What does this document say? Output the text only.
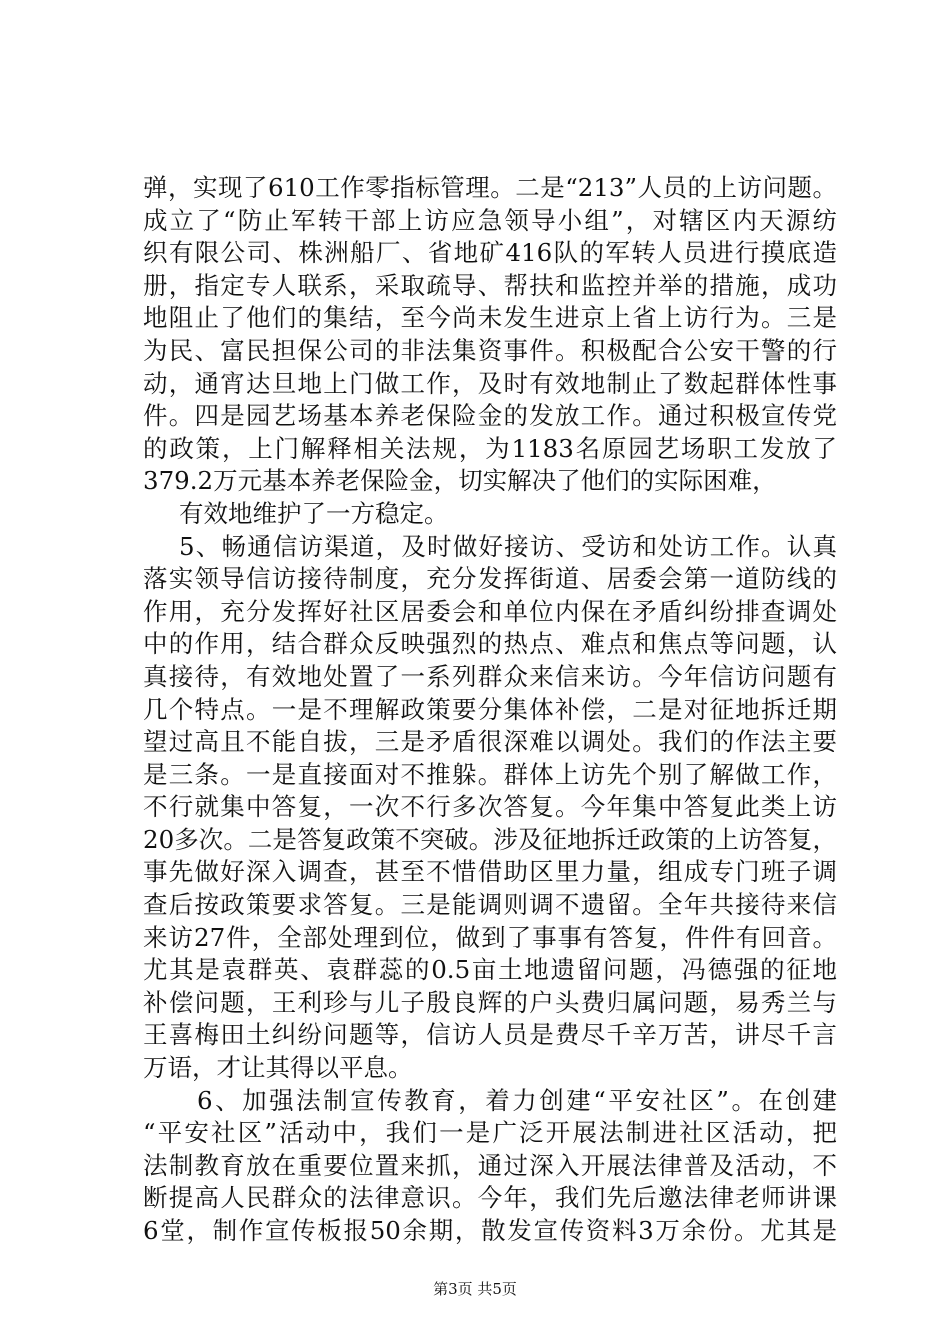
弹，实现了610工作零指标管理。二是“213”人员的上访问题。
成立了“防止军转干部上访应急领导小组”，对辖区内天源纺
织有限公司、株洲船厂、省地矿416队的军转人员进行摸底造
册，指定专人联系，采取疏导、帮扶和监控并举的措施，成功
地阻止了他们的集结，至今尚未发生进京上省上访行为。三是
为民、富民担保公司的非法集资事件。积极配合公安干警的行
动，通宵达旦地上门做工作，及时有效地制止了数起群体性事
件。四是园艺场基本养老保险金的发放工作。通过积极宣传党
的政策，上门解释相关法规，为1183名原园艺场职工发放了
379.2万元基本养老保险金，切实解决了他们的实际困难，
有效地维护了一方稳定。
5、畅通信访渠道，及时做好接访、受访和处访工作。认真
落实领导信访接待制度，充分发挥街道、居委会第一道防线的
作用，充分发挥好社区居委会和单位内保在矛盾纠纷排查调处
中的作用，结合群众反映强烈的热点、难点和焦点等问题，认
真接待，有效地处置了一系列群众来信来访。今年信访问题有
几个特点。一是不理解政策要分集体补偿，二是对征地拆迁期
望过高且不能自拔，三是矛盾很深难以调处。我们的作法主要
是三条。一是直接面对不推躲。群体上访先个别了解做工作，
不行就集中答复，一次不行多次答复。今年集中答复此类上访
20多次。二是答复政策不突破。涉及征地拆迁政策的上访答复，
事先做好深入调查，甚至不惜借助区里力量，组成专门班子调
查后按政策要求答复。三是能调则调不遗留。全年共接待来信
来访27件，全部处理到位，做到了事事有答复，件件有回音。
尤其是袁群英、袁群蕊的0.5亩土地遗留问题，冯德强的征地
补偿问题，王利珍与儿子殷良辉的户头费归属问题，易秀兰与
王喜梅田土纠纷问题等，信访人员是费尽千辛万苦，讲尽千言
万语，才让其得以平息。
6、加强法制宣传教育，着力创建“平安社区”。在创建
“平安社区”活动中，我们一是广泛开展法制进社区活动，把
法制教育放在重要位置来抓，通过深入开展法律普及活动，不
断提高人民群众的法律意识。今年，我们先后邀法律老师讲课
6堂，制作宣传板报50余期，散发宣传资料3万余份。尤其是
第3页 共5页
